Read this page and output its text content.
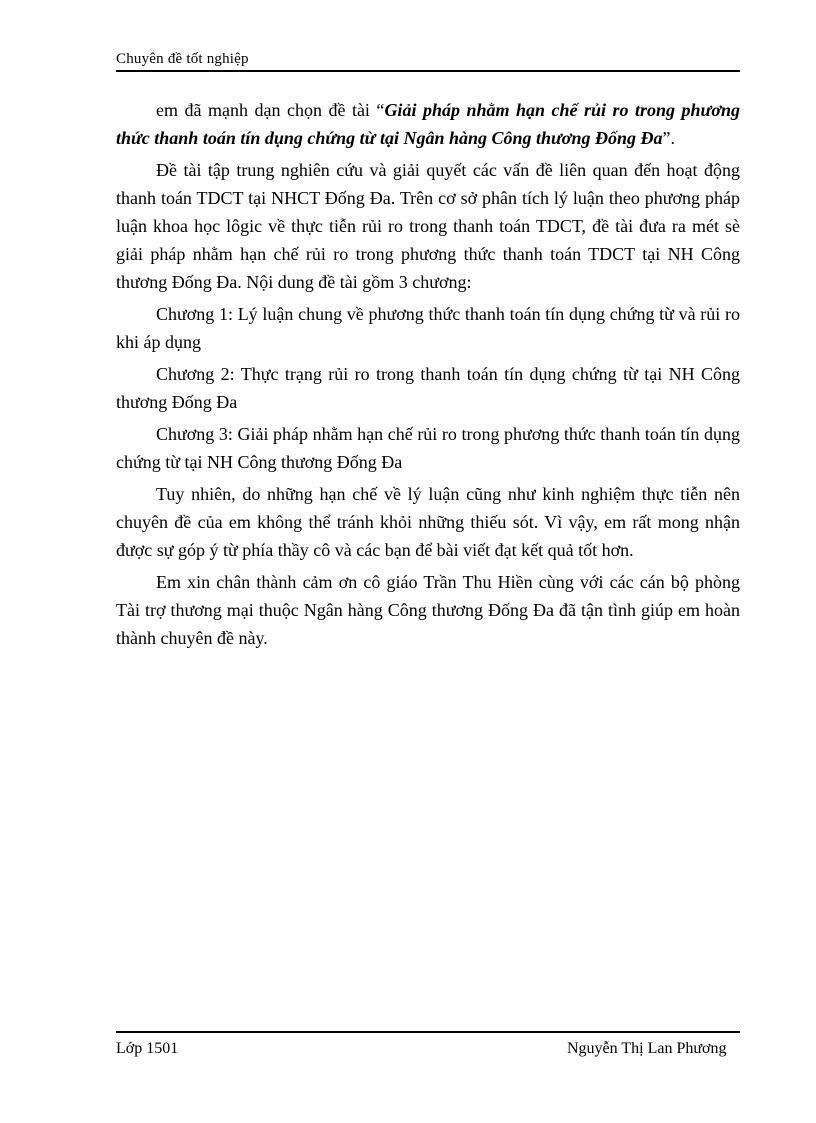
Chuyên đề tốt nghiệp

em đã mạnh dạn chọn đề tài “Giải pháp nhằm hạn chế rủi ro trong phương thức thanh toán tín dụng chứng từ tại Ngân hàng Công thương Đống Đa”.

Đề tài tập trung nghiên cứu và giải quyết các vấn đề liên quan đến hoạt động thanh toán TDCT tại NHCT Đống Đa. Trên cơ sở phân tích lý luận theo phương pháp luận khoa học lôgic về thực tiễn rủi ro trong thanh toán TDCT, đề tài đưa ra mét sè giải pháp nhằm hạn chế rủi ro trong phương thức thanh toán TDCT tại NH Công thương Đống Đa. Nội dung đề tài gồm 3 chương:

Chương 1: Lý luận chung về phương thức thanh toán tín dụng chứng từ và rủi ro khi áp dụng

Chương 2: Thực trạng rủi ro trong thanh toán tín dụng chứng từ tại NH Công thương Đống Đa

Chương 3: Giải pháp nhằm hạn chế rủi ro trong phương thức thanh toán tín dụng chứng từ tại NH Công thương Đống Đa

Tuy nhiên, do những hạn chế về lý luận cũng như kinh nghiệm thực tiễn nên chuyên đề của em không thể tránh khỏi những thiếu sót. Vì vậy, em rất mong nhận được sự góp ý từ phía thầy cô và các bạn để bài viết đạt kết quả tốt hơn.

Em xin chân thành cảm ơn cô giáo Trần Thu Hiền cùng với các cán bộ phòng Tài trợ thương mại thuộc Ngân hàng Công thương Đống Đa đã tận tình giúp em hoàn thành chuyên đề này.

Lớp 1501	Nguyễn Thị Lan Phương
